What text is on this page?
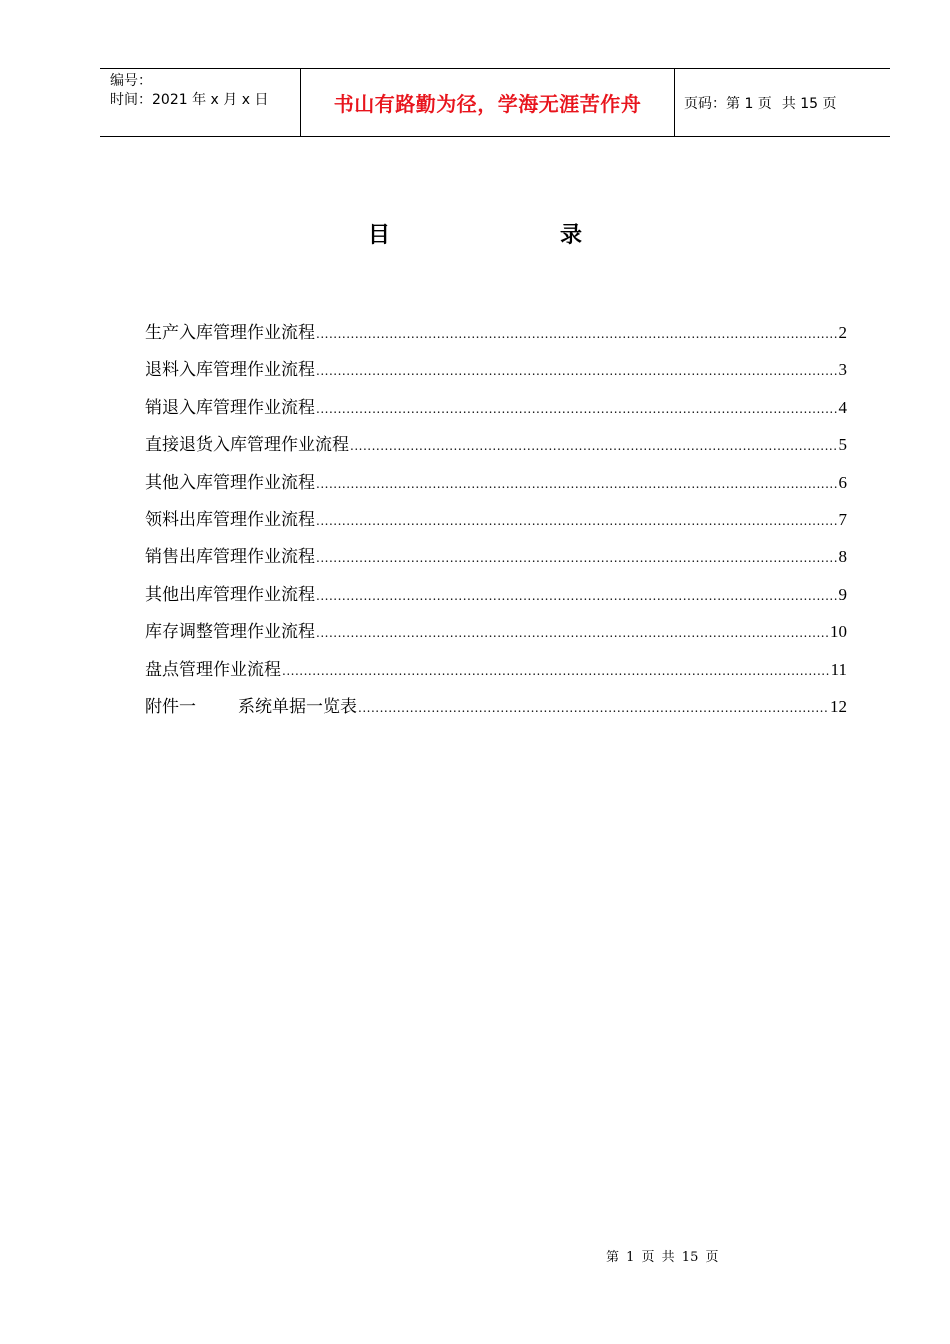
编号：
时间：2021 年 x 月 x 日	书山有路勤为径，学海无涯苦作舟	页码：第 1 页 共 15 页
目	录
生产入库管理作业流程 .....	2
退料入库管理作业流程 .....	3
销退入库管理作业流程 .....	4
直接退货入库管理作业流程 .....	5
其他入库管理作业流程 .....	6
领料出库管理作业流程 .....	7
销售出库管理作业流程 .....	8
其他出库管理作业流程 .....	9
库存调整管理作业流程 .....	10
盘点管理作业流程 .....	11
附件一 系统单据一览表 .....	12
第 1 页 共 15 页
